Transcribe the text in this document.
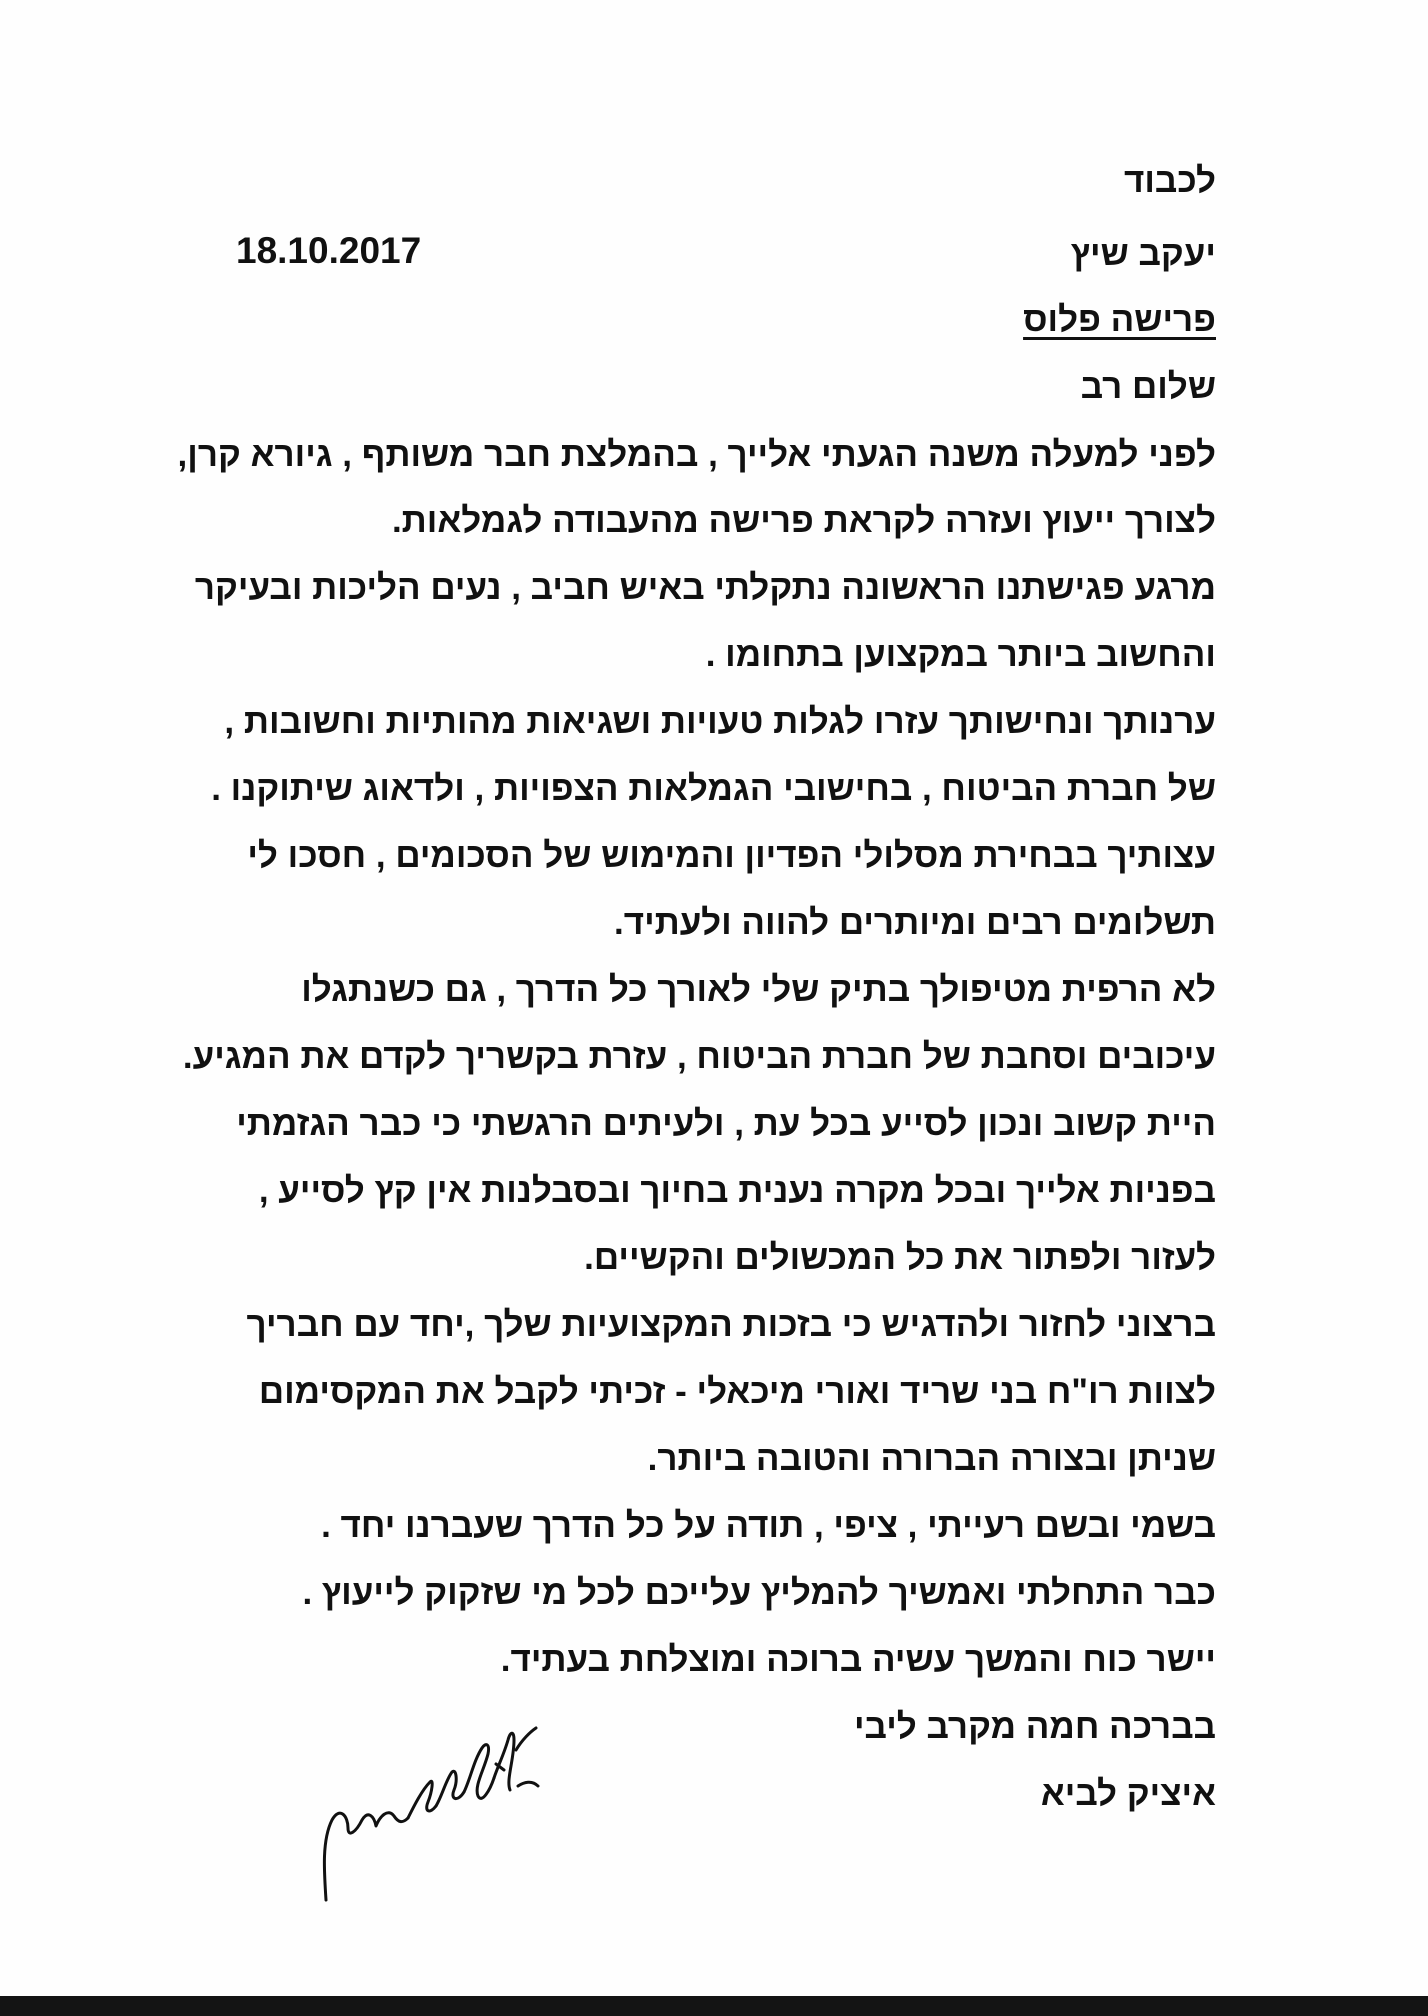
לכבוד
יעקב שיץ
18.10.2017
פרישה פלוס
שלום רב
לפני למעלה משנה הגעתי אלייך , בהמלצת חבר משותף , גיורא קרן,
לצורך ייעוץ ועזרה לקראת פרישה מהעבודה לגמלאות.
מרגע פגישתנו הראשונה נתקלתי באיש חביב , נעים הליכות ובעיקר
והחשוב ביותר במקצוען בתחומו .
ערנותך ונחישותך עזרו לגלות טעויות ושגיאות מהותיות וחשובות ,
של חברת הביטוח , בחישובי הגמלאות הצפויות , ולדאוג שיתוקנו .
עצותיך בבחירת מסלולי הפדיון והמימוש של הסכומים , חסכו לי
תשלומים רבים ומיותרים להווה ולעתיד.
לא הרפית מטיפולך בתיק שלי לאורך כל הדרך , גם כשנתגלו
עיכובים וסחבת של חברת הביטוח , עזרת בקשריך לקדם את המגיע.
היית קשוב ונכון לסייע בכל עת , ולעיתים הרגשתי כי כבר הגזמתי
בפניות אלייך ובכל מקרה נענית בחיוך ובסבלנות אין קץ לסייע ,
לעזור ולפתור את כל המכשולים והקשיים.
ברצוני לחזור ולהדגיש כי בזכות המקצועיות שלך ,יחד עם חבריך
לצוות רו"ח בני שריד ואורי מיכאלי - זכיתי לקבל את המקסימום
שניתן ובצורה הברורה והטובה ביותר.
בשמי ובשם רעייתי , ציפי , תודה על כל הדרך שעברנו יחד .
כבר התחלתי ואמשיך להמליץ עלייכם לכל מי שזקוק לייעוץ .
יישר כוח והמשך עשיה ברוכה ומוצלחת בעתיד.
בברכה חמה מקרב ליבי
איציק לביא
